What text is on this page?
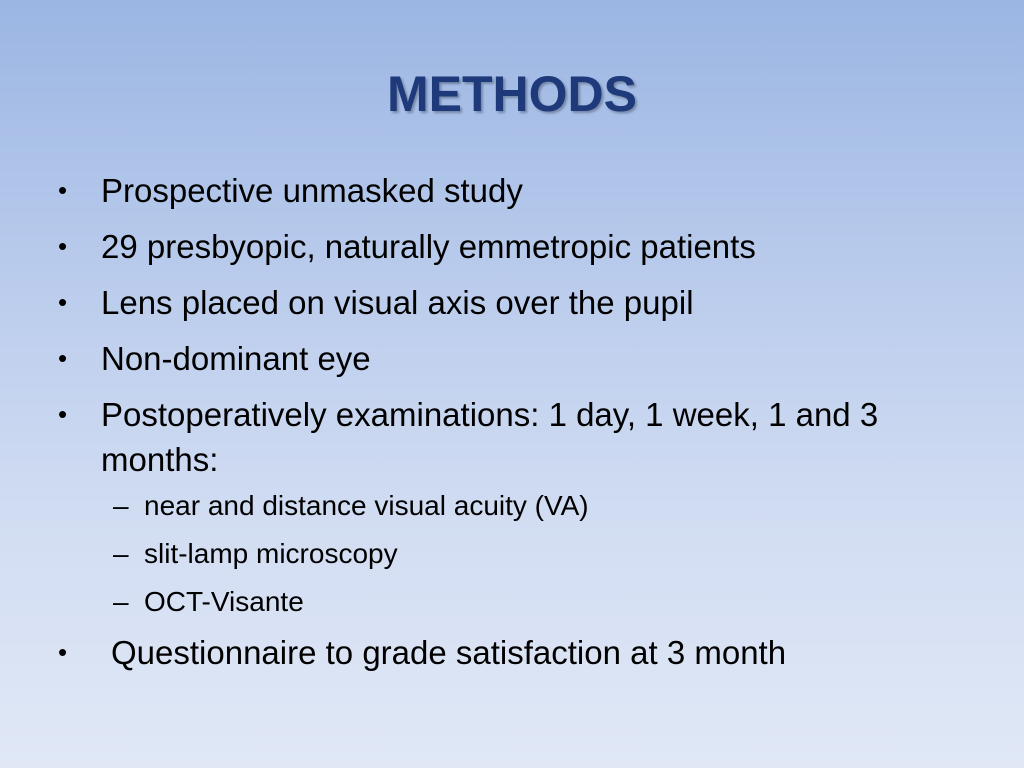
METHODS
•	Prospective unmasked study
•	29 presbyopic, naturally emmetropic patients
•	Lens placed on visual axis over the pupil
•	Non-dominant eye
•	Postoperatively examinations: 1 day, 1 week, 1 and 3 months:
– near and distance visual acuity (VA)
– slit-lamp microscopy
– OCT-Visante
•	Questionnaire to grade satisfaction at 3 month
